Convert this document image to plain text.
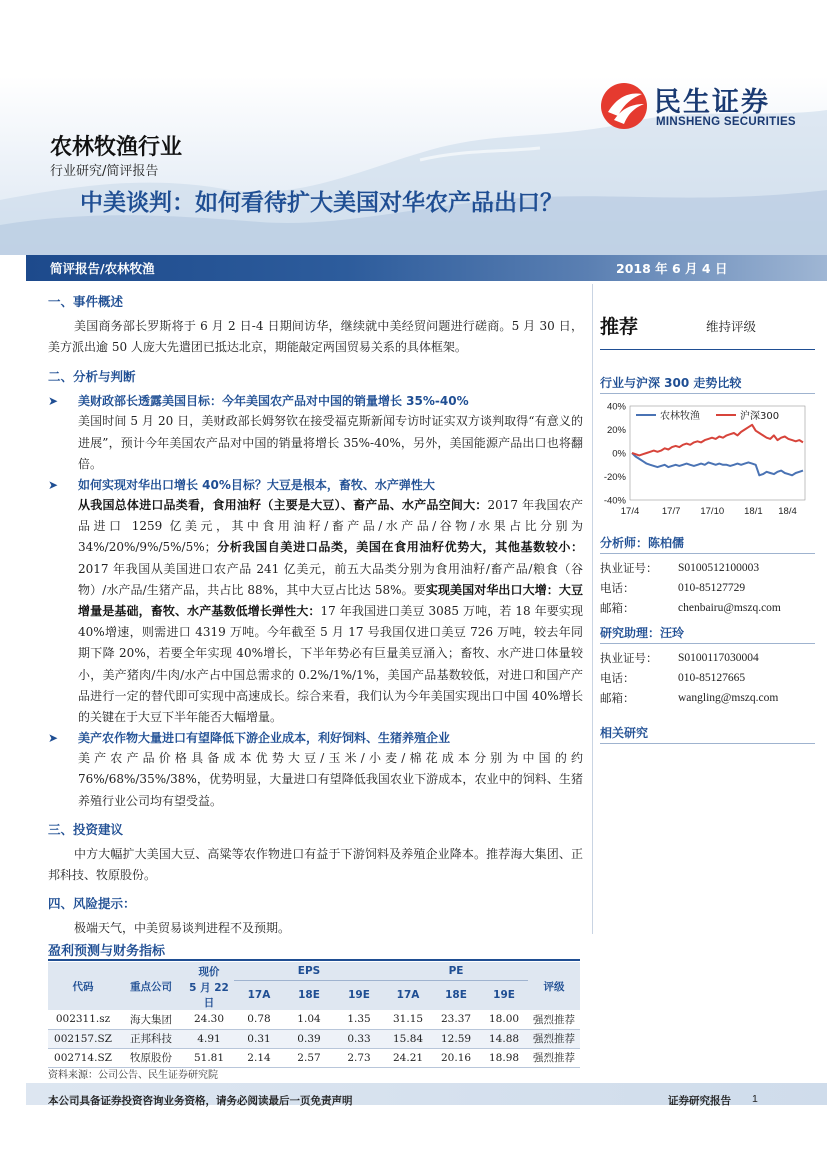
民生证券
MINSHENG SECURITIES
农林牧渔行业
行业研究/简评报告
中美谈判：如何看待扩大美国对华农产品出口？
简评报告/农林牧渔	2018 年 6 月 4 日
一、事件概述

美国商务部长罗斯将于 6 月 2 日-4 日期间访华，继续就中美经贸问题进行磋商。5 月 30 日，美方派出逾 50 人庞大先遣团已抵达北京，期能敲定两国贸易关系的具体框架。

二、分析与判断
➤ 美财政部长透露美国目标：今年美国农产品对中国的销量增长 35%-40%

美国时间 5 月 20 日，美财政部长姆努钦在接受福克斯新闻专访时证实双方谈判取得“有意义的进展”，预计今年美国农产品对中国的销量将增长 35%-40%，另外，美国能源产品出口也将翻倍。

➤ 如何实现对华出口增长 40%目标？大豆是根本，畜牧、水产弹性大

从我国总体进口品类看，食用油籽（主要是大豆）、畜产品、水产品空间大：2017 年我国农产品进口 1259 亿美元，其中食用油籽/畜产品/水产品/谷物/水果占比分别为 34%/20%/9%/5%/5%；分析我国自美进口品类，美国在食用油籽优势大，其他基数较小：2017 年我国从美国进口农产品 241 亿美元，前五大品类分别为食用油籽/畜产品/粮食（谷物）/水产品/生猪产品，共占比 88%，其中大豆占比达 58%。要实现美国对华出口大增：大豆增量是基础，畜牧、水产基数低增长弹性大：17 年我国进口美豆 3085 万吨，若 18 年要实现 40%增速，则需进口 4319 万吨。今年截至 5 月 17 号我国仅进口美豆 726 万吨，较去年同期下降 20%，若要全年实现 40%增长，下半年势必有巨量美豆涌入；畜牧、水产进口体量较小，美产猪肉/牛肉/水产占中国总需求的 0.2%/1%/1%，美国产品基数较低，对进口和国产产品进行一定的替代即可实现中高速成长。综合来看，我们认为今年美国实现出口中国 40%增长的关键在于大豆下半年能否大幅增量。

➤ 美产农作物大量进口有望降低下游企业成本，利好饲料、生猪养殖企业

美产农产品价格具备成本优势大豆/玉米/小麦/棉花成本分别为中国的约 76%/68%/35%/38%，优势明显，大量进口有望降低我国农业下游成本，农业中的饲料、生猪养殖行业公司均有望受益。

三、投资建议

中方大幅扩大美国大豆、高粱等农作物进口有益于下游饲料及养殖企业降本。推荐海大集团、正邦科技、牧原股份。

四、风险提示：

极端天气，中美贸易谈判进程不及预期。

推荐	维持评级
行业与沪深 300 走势比较
40%
20%
0%
-20%
-40%
17/4 17/7 17/10 18/1 18/4
农林牧渔	沪深300
分析师：陈柏儒
执业证号： S0100512100003
电话：	010-85127729
邮箱：	chenbairu@mszq.com
研究助理：汪玲
执业证号： S0100117030004
电话：	010-85127665
邮箱：	wangling@mszq.com
相关研究
盈利预测与财务指标
代码	重点公司	现价	EPS			PE			评级
		5 月 22 日	17A	18E	19E	17A	18E	19E	
002311.sz	海大集团	24.30	0.78	1.04	1.35	31.15	23.37	18.00	强烈推荐
002157.SZ	正邦科技	4.91	0.31	0.39	0.33	15.84	12.59	14.88	强烈推荐
002714.SZ	牧原股份	51.81	2.14	2.57	2.73	24.21	20.16	18.98	强烈推荐
资料来源：公司公告、民生证券研究院
本公司具备证券投资咨询业务资格，请务必阅读最后一页免责声明	证券研究报告 1
